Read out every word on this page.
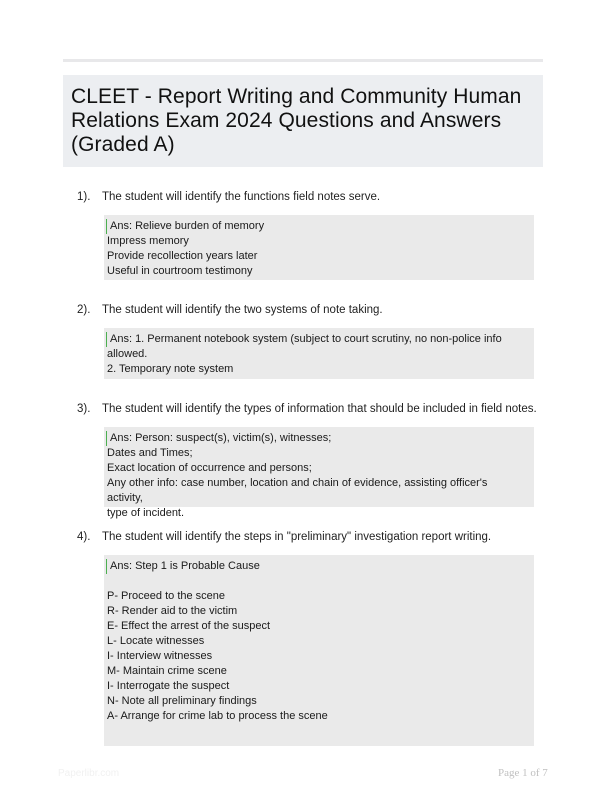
CLEET - Report Writing and Community Human Relations Exam 2024 Questions and Answers (Graded A)
1). The student will identify the functions field notes serve.
Ans: Relieve burden of memory
Impress memory
Provide recollection years later
Useful in courtroom testimony
2). The student will identify the two systems of note taking.
Ans: 1. Permanent notebook system (subject to court scrutiny, no non-police info
allowed.
2. Temporary note system
3). The student will identify the types of information that should be included in field notes.
Ans: Person: suspect(s), victim(s), witnesses;
Dates and Times;
Exact location of occurrence and persons;
Any other info: case number, location and chain of evidence, assisting officer's activity,
type of incident.
4). The student will identify the steps in "preliminary" investigation report writing.
Ans: Step 1 is Probable Cause
P- Proceed to the scene
R- Render aid to the victim
E- Effect the arrest of the suspect
L- Locate witnesses
I- Interview witnesses
M- Maintain crime scene
I- Interrogate the suspect
N- Note all preliminary findings
A- Arrange for crime lab to process the scene
Paperlibr.com	Page 1 of 7
